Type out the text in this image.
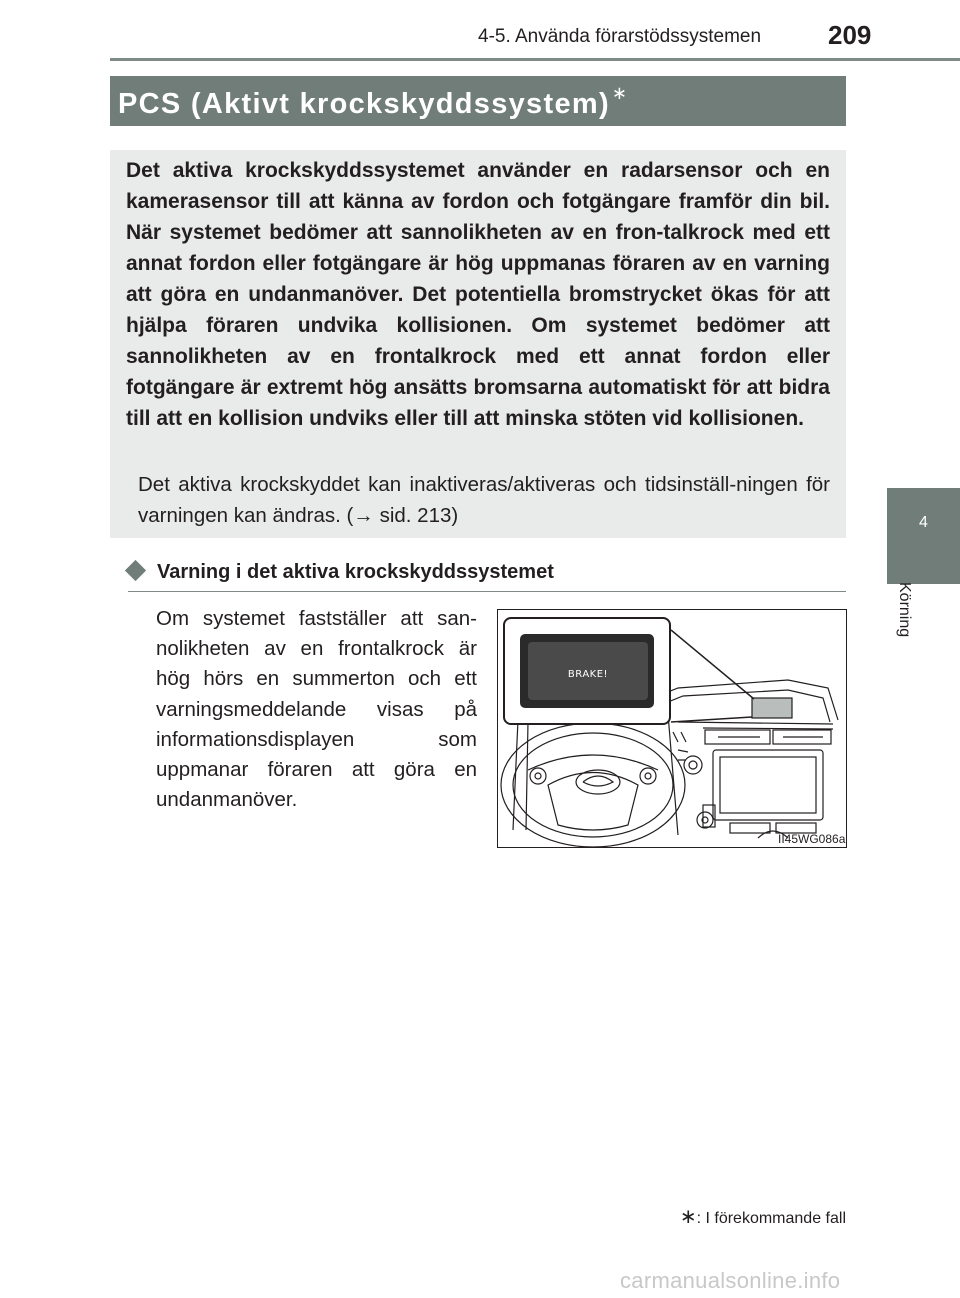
4-5. Använda förarstödssystemen	209
4
Körning
PCS (Aktivt krockskyddssystem) ∗
Det aktiva krockskyddssystemet använder en radarsensor och en kamerasensor till att känna av fordon och fotgängare framför din bil. När systemet bedömer att sannolikheten av en fron-talkrock med ett annat fordon eller fotgängare är hög uppmanas föraren av en varning att göra en undanmanöver. Det potentiella bromstrycket ökas för att hjälpa föraren undvika kollisionen. Om systemet bedömer att sannolikheten av en frontalkrock med ett annat fordon eller fotgängare är extremt hög ansätts bromsarna automatiskt för att bidra till att en kollision undviks eller till att minska stöten vid kollisionen.
Det aktiva krockskyddet kan inaktiveras/aktiveras och tidsinställ-ningen för varningen kan ändras. (→ sid. 213)
Varning i det aktiva krockskyddssystemet
Om systemet fastställer att san-nolikheten av en frontalkrock är hög hörs en summerton och ett varningsmeddelande visas på informationsdisplayen som uppmanar föraren att göra en undanmanöver.
BRAKE!
II45WG086a
∗: I förekommande fall
carmanualsonline.info
